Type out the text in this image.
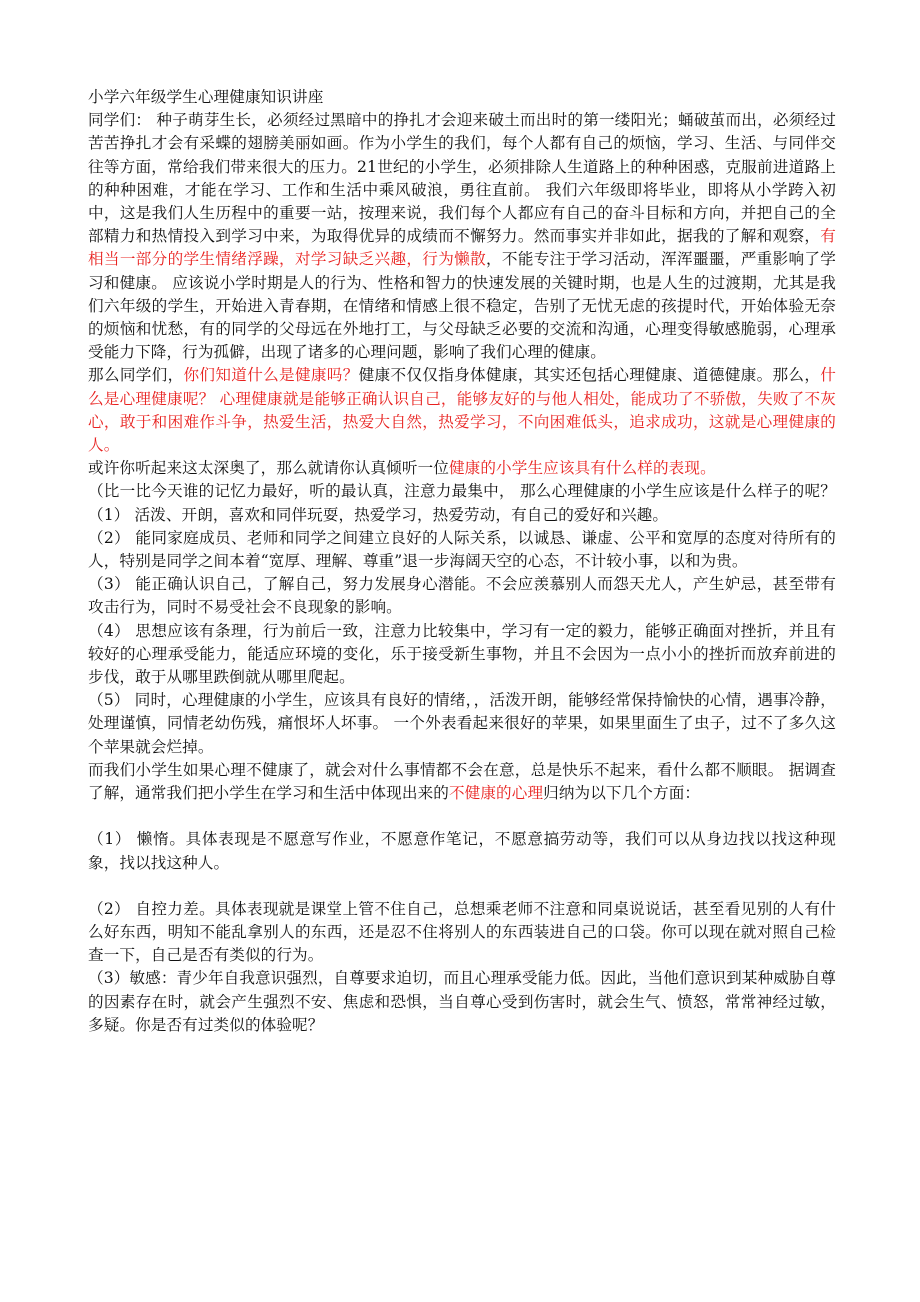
小学六年级学生心理健康知识讲座

同学们： 种子萌芽生长，必须经过黑暗中的挣扎才会迎来破土而出时的第一缕阳光；蛹破茧而出，必须经过苦苦挣扎才会有采蝶的翅膀美丽如画。作为小学生的我们，每个人都有自己的烦恼，学习、生活、与同伴交往等方面，常给我们带来很大的压力。21世纪的小学生，必须排除人生道路上的种种困惑，克服前进道路上的种种困难，才能在学习、工作和生活中乘风破浪，勇往直前。 我们六年级即将毕业，即将从小学跨入初中，这是我们人生历程中的重要一站，按理来说，我们每个人都应有自己的奋斗目标和方向，并把自己的全部精力和热情投入到学习中来，为取得优异的成绩而不懈努力。然而事实并非如此，据我的了解和观察，有相当一部分的学生情绪浮躁，对学习缺乏兴趣，行为懒散，不能专注于学习活动，浑浑噩噩，严重影响了学习和健康。 应该说小学时期是人的行为、性格和智力的快速发展的关键时期，也是人生的过渡期，尤其是我们六年级的学生，开始进入青春期，在情绪和情感上很不稳定，告别了无忧无虑的孩提时代，开始体验无奈的烦恼和忧愁，有的同学的父母远在外地打工，与父母缺乏必要的交流和沟通，心理变得敏感脆弱，心理承受能力下降，行为孤僻，出现了诸多的心理问题，影响了我们心理的健康。

那么同学们，你们知道什么是健康吗？健康不仅仅指身体健康，其实还包括心理健康、道德健康。那么，什么是心理健康呢？ 心理健康就是能够正确认识自己，能够友好的与他人相处，能成功了不骄傲，失败了不灰心，敢于和困难作斗争，热爱生活，热爱大自然，热爱学习，不向困难低头，追求成功，这就是心理健康的人。

或许你听起来这太深奥了，那么就请你认真倾听一位健康的小学生应该具有什么样的表现。

（比一比今天谁的记忆力最好，听的最认真，注意力最集中， 那么心理健康的小学生应该是什么样子的呢？ （1） 活泼、开朗，喜欢和同伴玩耍，热爱学习，热爱劳动，有自己的爱好和兴趣。

（2） 能同家庭成员、老师和同学之间建立良好的人际关系，以诚恳、谦虚、公平和宽厚的态度对待所有的人，特别是同学之间本着“宽厚、理解、尊重”退一步海阔天空的心态，不计较小事，以和为贵。

（3） 能正确认识自己，了解自己，努力发展身心潜能。不会应羡慕别人而怨天尤人，产生妒忌，甚至带有攻击行为，同时不易受社会不良现象的影响。

（4） 思想应该有条理，行为前后一致，注意力比较集中，学习有一定的毅力，能够正确面对挫折，并且有较好的心理承受能力，能适应环境的变化，乐于接受新生事物，并且不会因为一点小小的挫折而放弃前进的步伐，敢于从哪里跌倒就从哪里爬起。

（5） 同时，心理健康的小学生，应该具有良好的情绪，，活泼开朗，能够经常保持愉快的心情，遇事冷静，处理谨慎，同情老幼伤残，痛恨坏人坏事。 一个外表看起来很好的苹果，如果里面生了虫子，过不了多久这个苹果就会烂掉。

而我们小学生如果心理不健康了，就会对什么事情都不会在意，总是快乐不起来，看什么都不顺眼。 据调查了解，通常我们把小学生在学习和生活中体现出来的不健康的心理归纳为以下几个方面：

（1） 懒惰。具体表现是不愿意写作业，不愿意作笔记，不愿意搞劳动等，我们可以从身边找以找这种现象，找以找这种人。

（2） 自控力差。具体表现就是课堂上管不住自己，总想乘老师不注意和同桌说说话，甚至看见别的人有什么好东西，明知不能乱拿别人的东西，还是忍不住将别人的东西装进自己的口袋。你可以现在就对照自己检查一下，自己是否有类似的行为。

（3）敏感：青少年自我意识强烈，自尊要求迫切，而且心理承受能力低。因此，当他们意识到某种威胁自尊的因素存在时，就会产生强烈不安、焦虑和恐惧，当自尊心受到伤害时，就会生气、愤怒，常常神经过敏，多疑。你是否有过类似的体验呢？
